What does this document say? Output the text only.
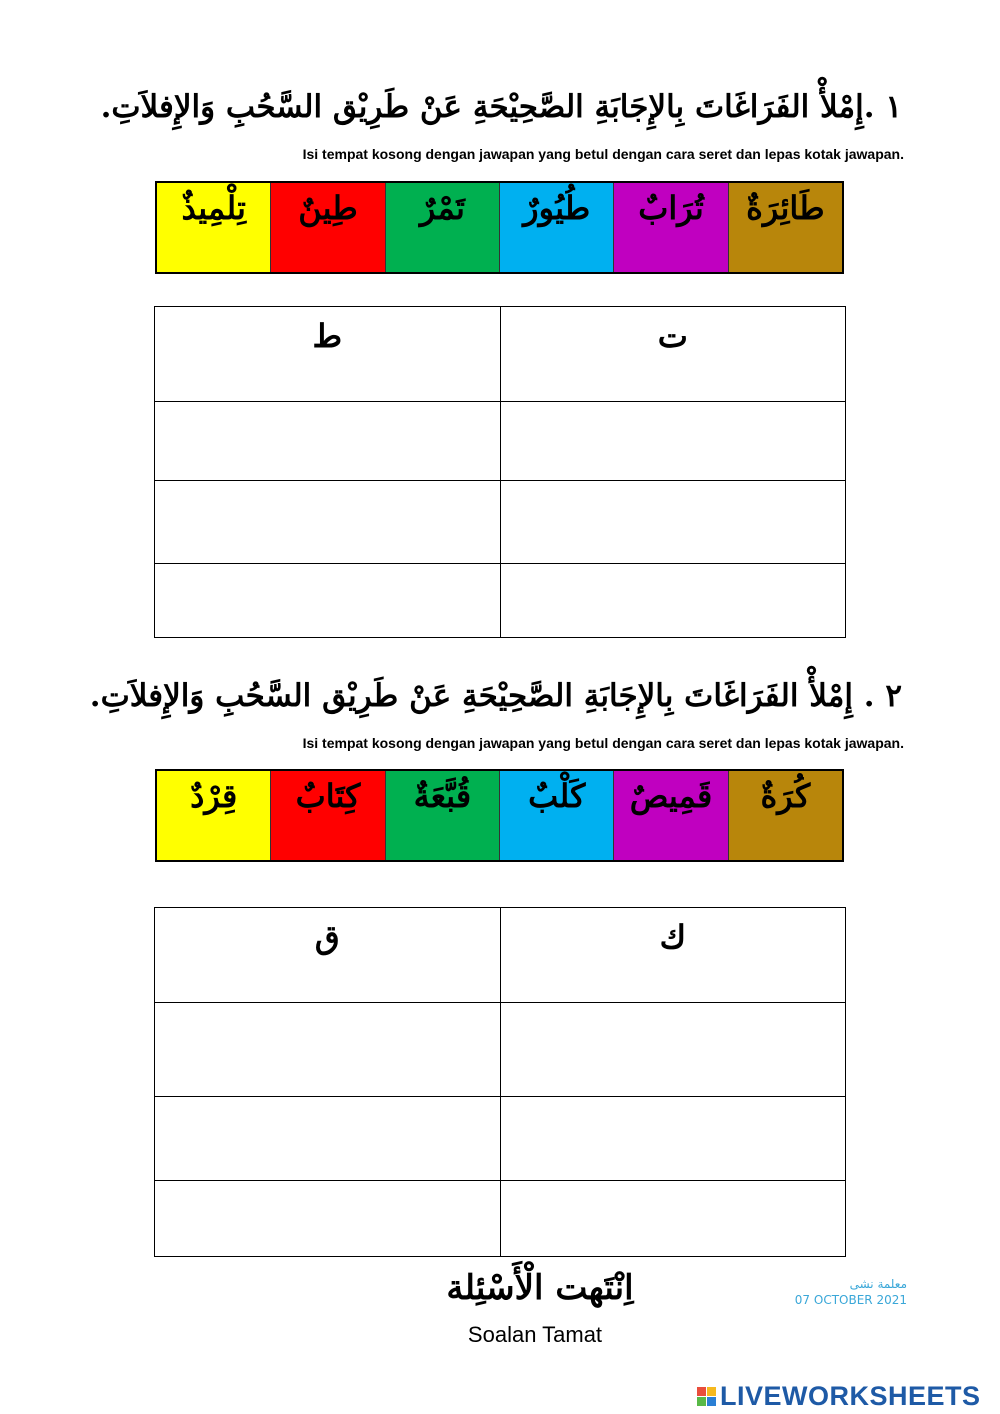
١ .إِمْلأْ الفَرَاغَاتَ بِالإِجَابَةِ الصَّحِيْحَةِ عَنْ طَرِيْق السَّحُبِ وَالإِفلاَتِ.
Isi tempat kosong dengan jawapan yang betul dengan cara seret dan lepas kotak jawapan.
طَائِرَةٌ
تُرَابٌ
طُيُورٌ
تَمْرٌ
طِينٌ
تِلْمِيذٌ
ت	ط

٢ . إِمْلأْ الفَرَاغَاتَ بِالإِجَابَةِ الصَّحِيْحَةِ عَنْ طَرِيْق السَّحُبِ وَالإِفلاَتِ.
Isi tempat kosong dengan jawapan yang betul dengan cara seret dan lepas kotak jawapan.
كُرَةٌ
قَمِيصٌ
كَلْبٌ
قُبَّعَةٌ
كِتَابٌ
قِرْدٌ
ك	ق

اِنْتَهت الْأَسْئِلة
Soalan Tamat
معلمة نشى
07 OCTOBER 2021
LIVEWORKSHEETS
